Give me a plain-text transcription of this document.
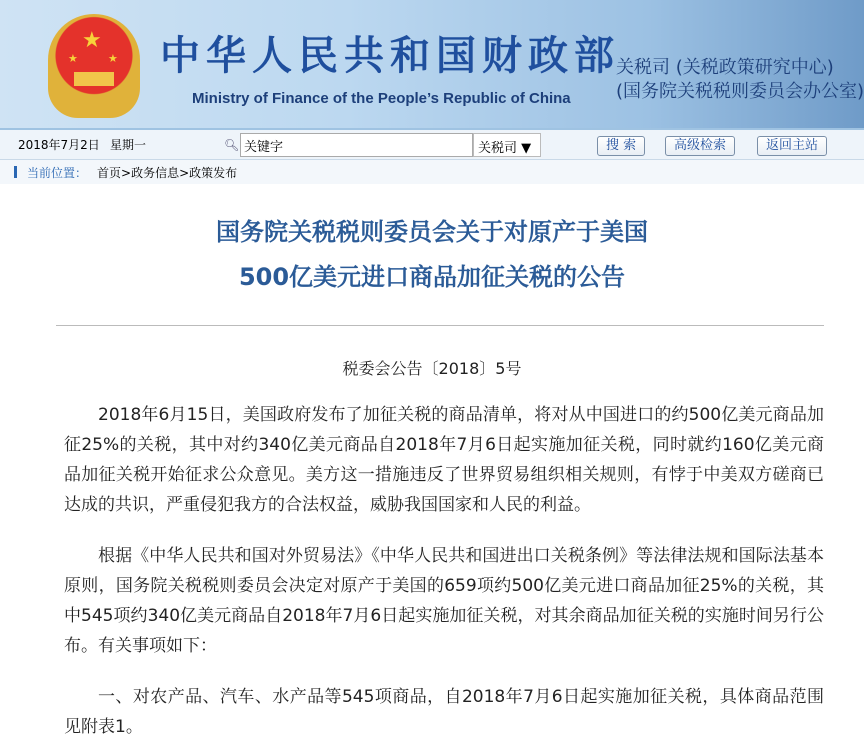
★
★	★ 中华人民共和国财政部
Ministry of Finance of the People’s Republic of China
关税司 (关税政策研究中心)
(国务院关税税则委员会办公室)
2018年7月2日 星期一	🔍︎
关键字	关税司 ▼	搜 索	高级检索	返回主站
当前位置： 首页>政务信息>政策发布
国务院关税税则委员会关于对原产于美国
500亿美元进口商品加征关税的公告
税委会公告〔2018〕5号

2018年6月15日，美国政府发布了加征关税的商品清单，将对从中国进口的约500亿美元商品加征25%的关税，其中对约340亿美元商品自2018年7月6日起实施加征关税，同时就约160亿美元商品加征关税开始征求公众意见。美方这一措施违反了世界贸易组织相关规则，有悖于中美双方磋商已达成的共识，严重侵犯我方的合法权益，威胁我国国家和人民的利益。

根据《中华人民共和国对外贸易法》《中华人民共和国进出口关税条例》等法律法规和国际法基本原则，国务院关税税则委员会决定对原产于美国的659项约500亿美元进口商品加征25%的关税，其中545项约340亿美元商品自2018年7月6日起实施加征关税，对其余商品加征关税的实施时间另行公布。有关事项如下：

一、对农产品、汽车、水产品等545项商品，自2018年7月6日起实施加征关税，具体商品范围见附表1。
